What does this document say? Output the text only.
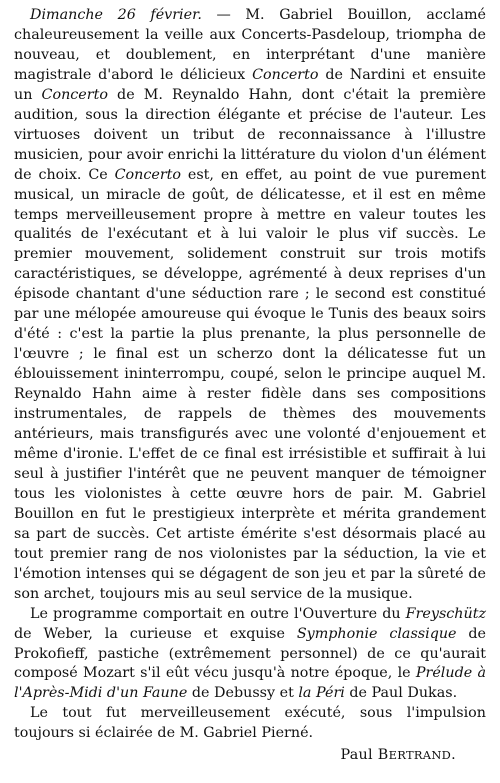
Dimanche 26 février. — M. Gabriel Bouillon, acclamé chaleureusement la veille aux Concerts-Pasdeloup, triompha de nouveau, et doublement, en interprétant d'une manière magistrale d'abord le délicieux Concerto de Nardini et ensuite un Concerto de M. Reynaldo Hahn, dont c'était la première audition, sous la direction élégante et précise de l'auteur. Les virtuoses doivent un tribut de reconnaissance à l'illustre musicien, pour avoir enrichi la littérature du violon d'un élément de choix. Ce Concerto est, en effet, au point de vue purement musical, un miracle de goût, de délicatesse, et il est en même temps merveilleusement propre à mettre en valeur toutes les qualités de l'exécutant et à lui valoir le plus vif succès. Le premier mouvement, solidement construit sur trois motifs caractéristiques, se développe, agrémenté à deux reprises d'un épisode chantant d'une séduction rare ; le second est constitué par une mélopée amoureuse qui évoque le Tunis des beaux soirs d'été : c'est la partie la plus prenante, la plus personnelle de l'œuvre ; le final est un scherzo dont la délicatesse fut un éblouissement ininterrompu, coupé, selon le principe auquel M. Reynaldo Hahn aime à rester fidèle dans ses compositions instrumentales, de rappels de thèmes des mouvements antérieurs, mais transfigurés avec une volonté d'enjouement et même d'ironie. L'effet de ce final est irrésistible et suffirait à lui seul à justifier l'intérêt que ne peuvent manquer de témoigner tous les violonistes à cette œuvre hors de pair. M. Gabriel Bouillon en fut le prestigieux interprète et mérita grandement sa part de succès. Cet artiste émérite s'est désormais placé au tout premier rang de nos violonistes par la séduction, la vie et l'émotion intenses qui se dégagent de son jeu et par la sûreté de son archet, toujours mis au seul service de la musique.

Le programme comportait en outre l'Ouverture du Freyschütz de Weber, la curieuse et exquise Symphonie classique de Prokofieff, pastiche (extrêmement personnel) de ce qu'aurait composé Mozart s'il eût vécu jusqu'à notre époque, le Prélude à l'Après-Midi d'un Faune de Debussy et la Péri de Paul Dukas.

Le tout fut merveilleusement exécuté, sous l'impulsion toujours si éclairée de M. Gabriel Pierné.

Paul BERTRAND.
